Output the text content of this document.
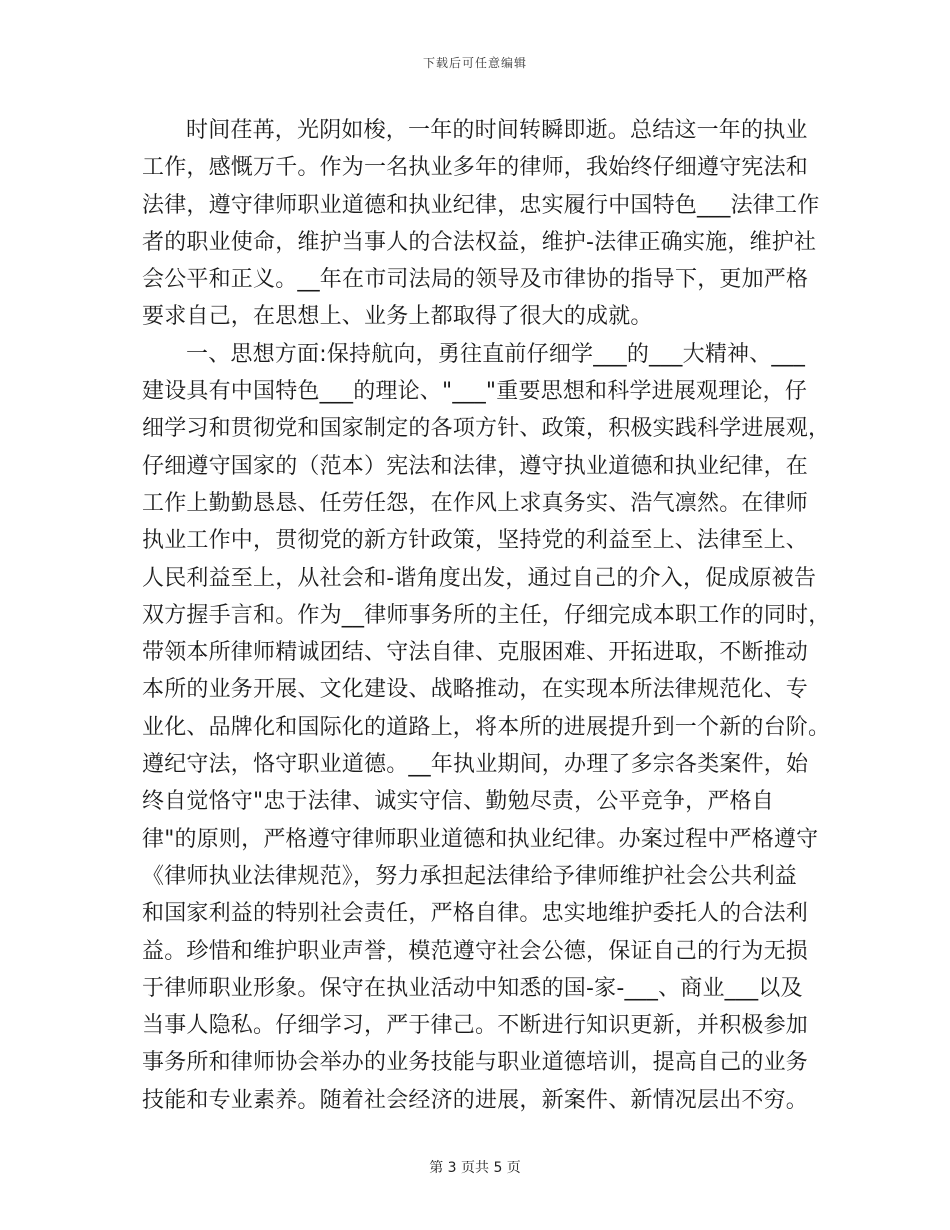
下载后可任意编辑
时间荏苒，光阴如梭，一年的时间转瞬即逝。总结这一年的执业
工作，感慨万千。作为一名执业多年的律师，我始终仔细遵守宪法和
法律，遵守律师职业道德和执业纪律，忠实履行中国特色___法律工作
者的职业使命，维护当事人的合法权益，维护-法律正确实施，维护社
会公平和正义。__年在市司法局的领导及市律协的指导下，更加严格
要求自己，在思想上、业务上都取得了很大的成就。
一、思想方面:保持航向，勇往直前仔细学___的___大精神、___
建设具有中国特色___的理论、"___"重要思想和科学进展观理论，仔
细学习和贯彻党和国家制定的各项方针、政策，积极实践科学进展观，
仔细遵守国家的（范本）宪法和法律，遵守执业道德和执业纪律，在
工作上勤勤恳恳、任劳任怨，在作风上求真务实、浩气凛然。在律师
执业工作中，贯彻党的新方针政策，坚持党的利益至上、法律至上、
人民利益至上，从社会和-谐角度出发，通过自己的介入，促成原被告
双方握手言和。作为__律师事务所的主任，仔细完成本职工作的同时，
带领本所律师精诚团结、守法自律、克服困难、开拓进取，不断推动
本所的业务开展、文化建设、战略推动，在实现本所法律规范化、专
业化、品牌化和国际化的道路上，将本所的进展提升到一个新的台阶。
遵纪守法，恪守职业道德。__年执业期间，办理了多宗各类案件，始
终自觉恪守"忠于法律、诚实守信、勤勉尽责，公平竞争，严格自
律"的原则，严格遵守律师职业道德和执业纪律。办案过程中严格遵守
《律师执业法律规范》，努力承担起法律给予律师维护社会公共利益
和国家利益的特别社会责任，严格自律。忠实地维护委托人的合法利
益。珍惜和维护职业声誉，模范遵守社会公德，保证自己的行为无损
于律师职业形象。保守在执业活动中知悉的国-家-___、商业___以及
当事人隐私。仔细学习，严于律己。不断进行知识更新，并积极参加
事务所和律师协会举办的业务技能与职业道德培训，提高自己的业务
技能和专业素养。随着社会经济的进展，新案件、新情况层出不穷。
第 3 页共 5 页
